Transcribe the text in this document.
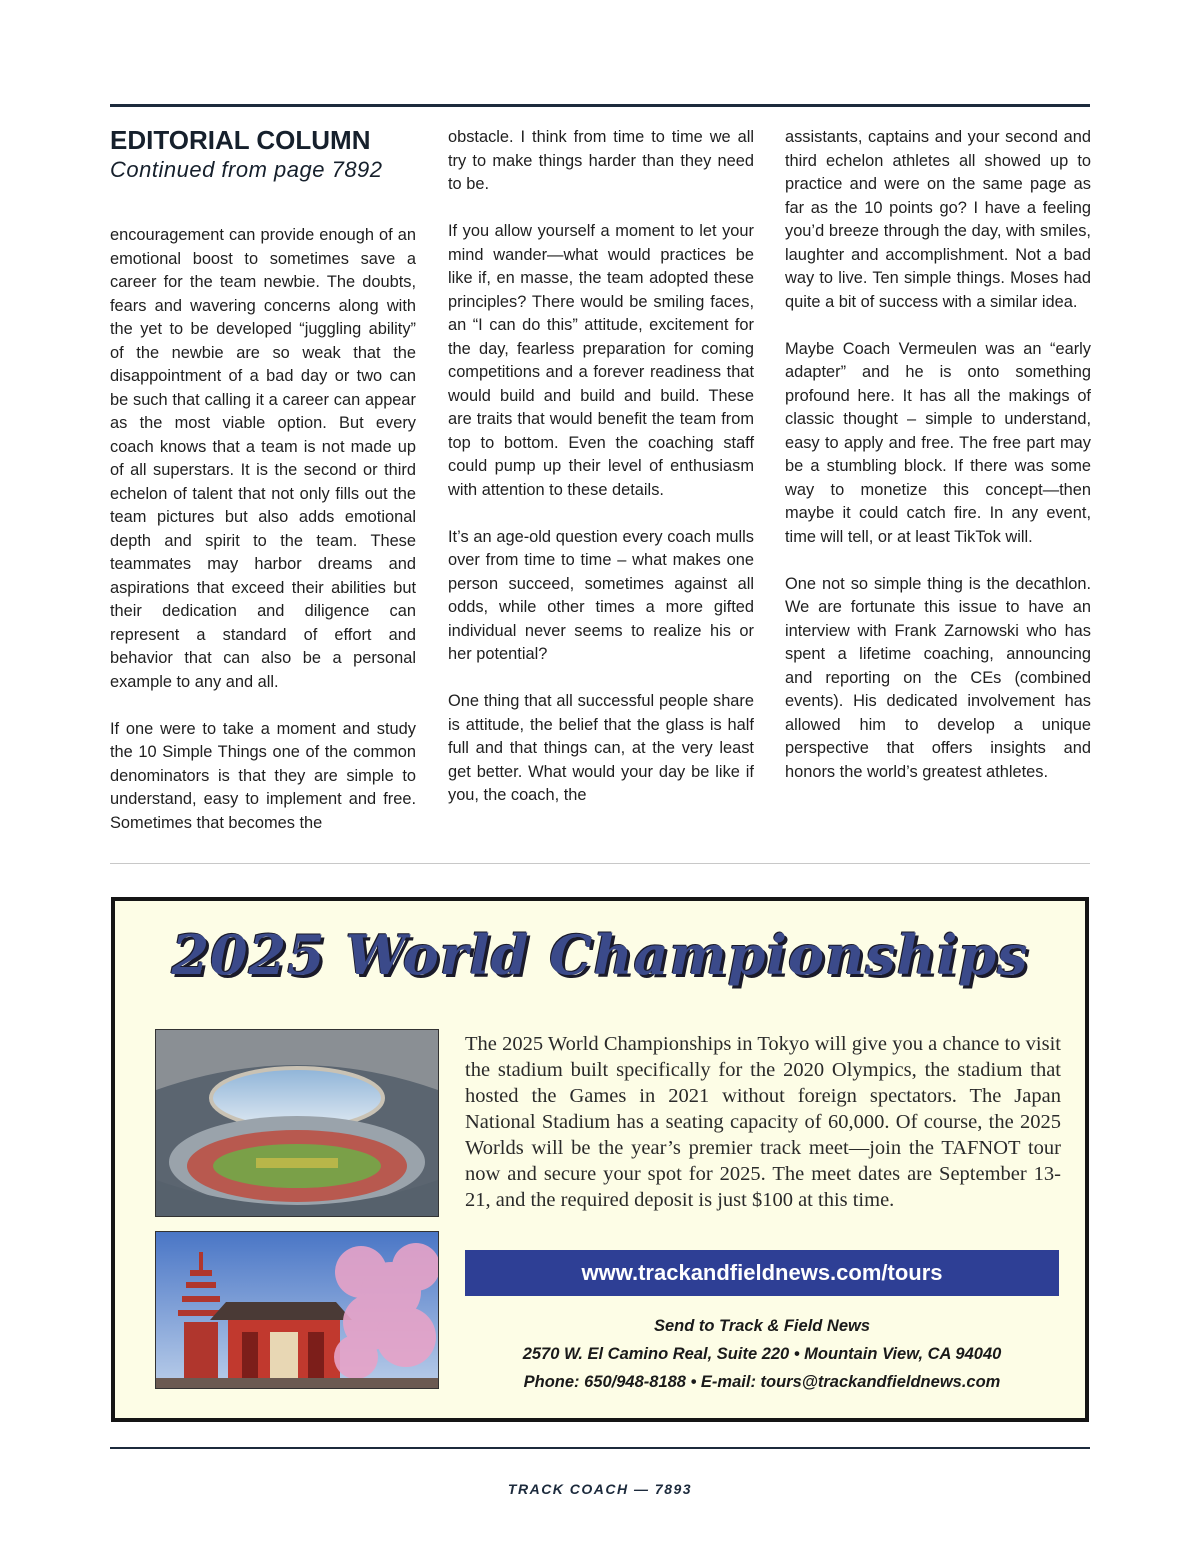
EDITORIAL COLUMN
Continued from page 7892

encouragement can provide enough of an emotional boost to sometimes save a career for the team newbie. The doubts, fears and wavering concerns along with the yet to be developed “juggling ability” of the newbie are so weak that the disappointment of a bad day or two can be such that calling it a career can appear as the most viable option. But every coach knows that a team is not made up of all superstars. It is the second or third echelon of talent that not only fills out the team pictures but also adds emotional depth and spirit to the team. These teammates may harbor dreams and aspirations that exceed their abilities but their dedication and diligence can represent a standard of effort and behavior that can also be a personal example to any and all.

If one were to take a moment and study the 10 Simple Things one of the common denominators is that they are simple to understand, easy to implement and free. Sometimes that becomes the

obstacle. I think from time to time we all try to make things harder than they need to be.

If you allow yourself a moment to let your mind wander—what would practices be like if, en masse, the team adopted these principles? There would be smiling faces, an “I can do this” attitude, excitement for the day, fearless preparation for coming competitions and a forever readiness that would build and build and build. These are traits that would benefit the team from top to bottom. Even the coaching staff could pump up their level of enthusiasm with attention to these details.

It’s an age-old question every coach mulls over from time to time – what makes one person succeed, sometimes against all odds, while other times a more gifted individual never seems to realize his or her potential?

One thing that all successful people share is attitude, the belief that the glass is half full and that things can, at the very least get better. What would your day be like if you, the coach, the

assistants, captains and your second and third echelon athletes all showed up to practice and were on the same page as far as the 10 points go? I have a feeling you’d breeze through the day, with smiles, laughter and accomplishment. Not a bad way to live. Ten simple things. Moses had quite a bit of success with a similar idea.

Maybe Coach Vermeulen was an “early adapter” and he is onto something profound here. It has all the makings of classic thought – simple to understand, easy to apply and free. The free part may be a stumbling block. If there was some way to monetize this concept—then maybe it could catch fire. In any event, time will tell, or at least TikTok will.

One not so simple thing is the decathlon. We are fortunate this issue to have an interview with Frank Zarnowski who has spent a lifetime coaching, announcing and reporting on the CEs (combined events). His dedicated involvement has allowed him to develop a unique perspective that offers insights and honors the world’s greatest athletes.

2025 World Championships
The 2025 World Championships in Tokyo will give you a chance to visit the stadium built specifically for the 2020 Olympics, the stadium that hosted the Games in 2021 without foreign spectators. The Japan National Stadium has a seating capacity of 60,000. Of course, the 2025 Worlds will be the year’s premier track meet—join the TAFNOT tour now and secure your spot for 2025. The meet dates are September 13-21, and the required deposit is just $100 at this time.
www.trackandfieldnews.com/tours
Send to Track & Field News
2570 W. El Camino Real, Suite 220 • Mountain View, CA 94040
Phone: 650/948-8188 • E-mail: tours@trackandfieldnews.com
TRACK COACH — 7893
